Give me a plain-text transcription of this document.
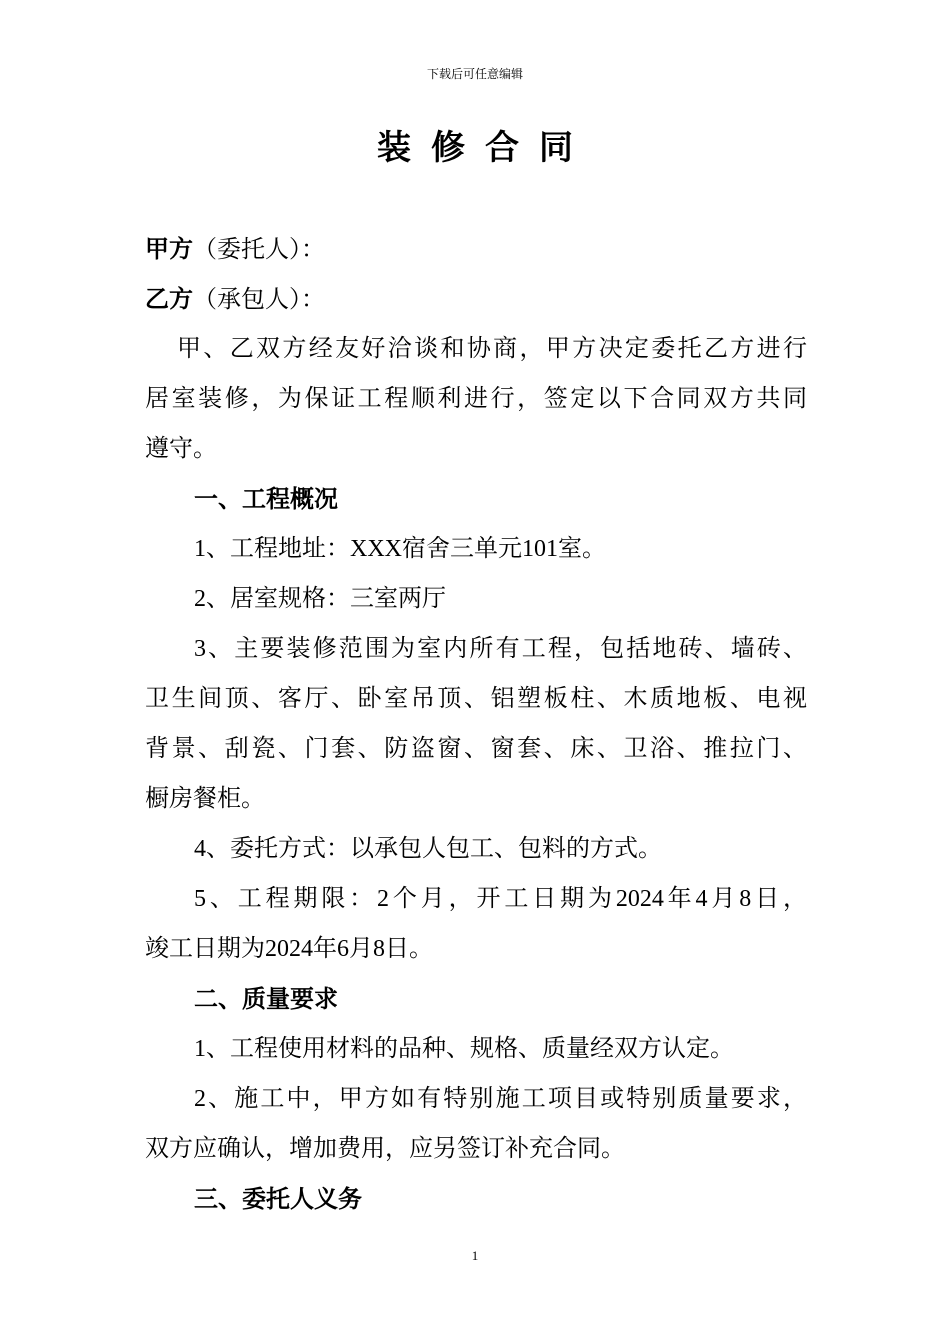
下载后可任意编辑
装修合同
甲方（委托人）：
乙方（承包人）：
甲、乙双方经友好洽谈和协商，甲方决定委托乙方进行
居室装修，为保证工程顺利进行，签定以下合同双方共同
遵守。
一、工程概况
1、工程地址：XXX宿舍三单元101室。
2、居室规格：三室两厅
3、主要装修范围为室内所有工程，包括地砖、墙砖、
卫生间顶、客厅、卧室吊顶、铝塑板柱、木质地板、电视
背景、刮瓷、门套、防盗窗、窗套、床、卫浴、推拉门、
橱房餐柜。
4、委托方式：以承包人包工、包料的方式。
5、工程期限：2个月，开工日期为2024年4月8日，
竣工日期为2024年6月8日。
二、质量要求
1、工程使用材料的品种、规格、质量经双方认定。
2、施工中，甲方如有特别施工项目或特别质量要求，
双方应确认，增加费用，应另签订补充合同。
三、委托人义务
1
